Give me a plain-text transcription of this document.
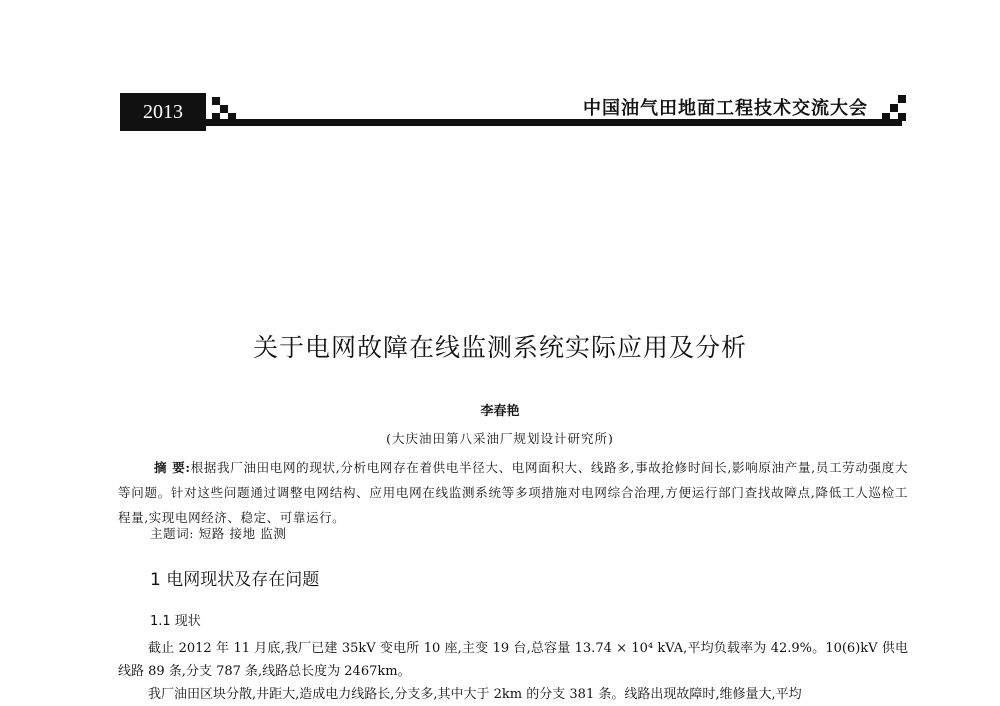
2013	中国油气田地面工程技术交流大会
关于电网故障在线监测系统实际应用及分析
李春艳
(大庆油田第八采油厂规划设计研究所)
摘 要:根据我厂油田电网的现状,分析电网存在着供电半径大、电网面积大、线路多,事故抢修时间长,影响原油产量,员工劳动强度大等问题。针对这些问题通过调整电网结构、应用电网在线监测系统等多项措施对电网综合治理,方便运行部门查找故障点,降低工人巡检工程量,实现电网经济、稳定、可靠运行。
主题词: 短路 接地 监测
1 电网现状及存在问题
1.1 现状
截止 2012 年 11 月底,我厂已建 35kV 变电所 10 座,主变 19 台,总容量 13.74 × 10⁴ kVA,平均负载率为 42.9%。10(6)kV 供电线路 89 条,分支 787 条,线路总长度为 2467km。
我厂油田区块分散,井距大,造成电力线路长,分支多,其中大于 2km 的分支 381 条。线路出现故障时,维修量大,平均
